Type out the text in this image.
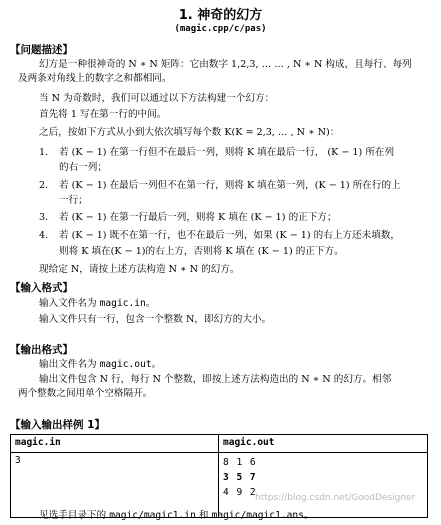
1. 神奇的幻方
(magic.cpp/c/pas)
【问题描述】
幻方是一种很神奇的 N ∗ N 矩阵：它由数字 1,2,3, … … , N ∗ N 构成，且每行、每列
及两条对角线上的数字之和都相同。
当 N 为奇数时，我们可以通过以下方法构建一个幻方：
首先将 1 写在第一行的中间。
之后，按如下方式从小到大依次填写每个数 K(K = 2,3, … , N ∗ N)：
1. 若 (K − 1) 在第一行但不在最后一列，则将 K 填在最后一行， (K − 1) 所在列
的右一列；
2. 若 (K − 1) 在最后一列但不在第一行，则将 K 填在第一列，(K − 1) 所在行的上
一行；
3. 若 (K − 1) 在第一行最后一列，则将 K 填在 (K − 1) 的正下方；
4. 若 (K − 1) 既不在第一行，也不在最后一列，如果 (K − 1) 的右上方还未填数，
则将 K 填在(K − 1)的右上方，否则将 K 填在 (K − 1) 的正下方。
现给定 N，请按上述方法构造 N ∗ N 的幻方。
【输入格式】
输入文件名为 magic.in。
输入文件只有一行，包含一个整数 N，即幻方的大小。
【输出格式】
输出文件名为 magic.out。
输出文件包含 N 行，每行 N 个整数，即按上述方法构造出的 N ∗ N 的幻方。相邻
两个整数之间用单个空格隔开。
【输入输出样例 1】
magic.in	magic.out
3	8 1 6
3 5 7
4 9 2
https://blog.csdn.net/GoodDesigner
见选手目录下的 magic/magic1.in 和 magic/magic1.ans。
